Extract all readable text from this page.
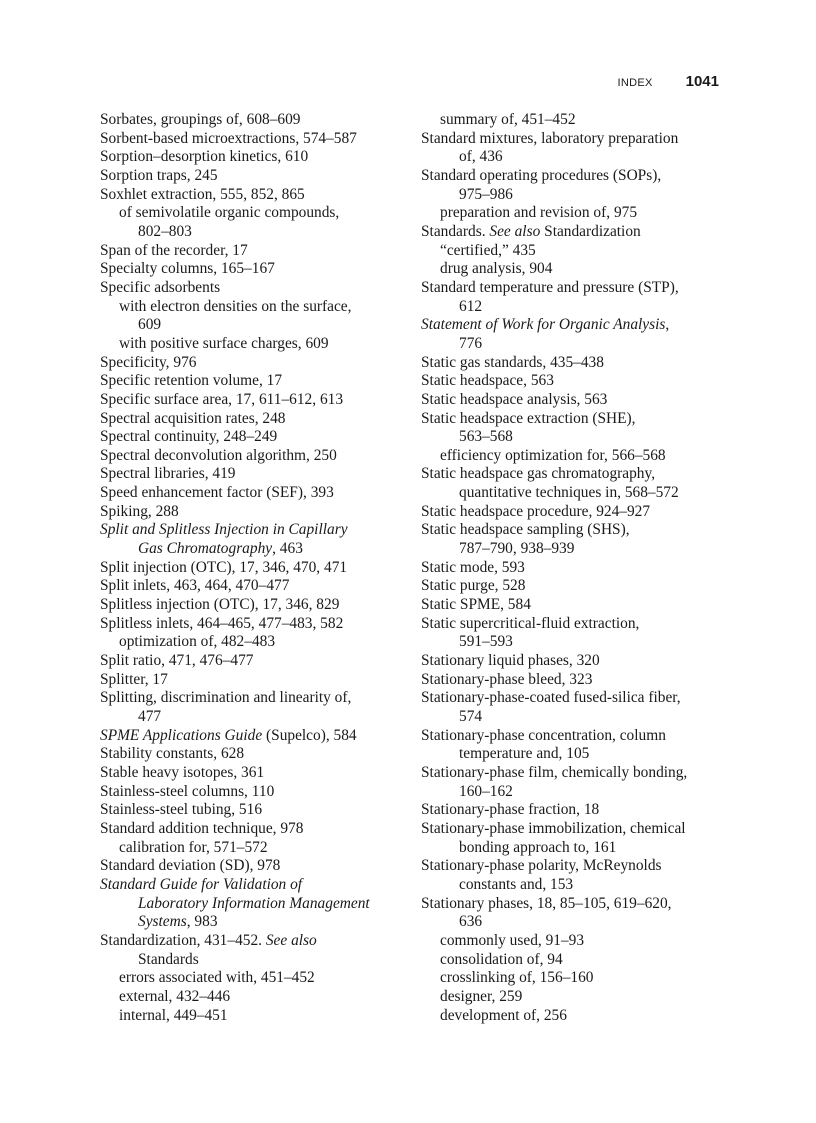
INDEX 1041
Sorbates, groupings of, 608–609
Sorbent-based microextractions, 574–587
Sorption–desorption kinetics, 610
Sorption traps, 245
Soxhlet extraction, 555, 852, 865
of semivolatile organic compounds,
802–803
Span of the recorder, 17
Specialty columns, 165–167
Specific adsorbents
with electron densities on the surface,
609
with positive surface charges, 609
Specificity, 976
Specific retention volume, 17
Specific surface area, 17, 611–612, 613
Spectral acquisition rates, 248
Spectral continuity, 248–249
Spectral deconvolution algorithm, 250
Spectral libraries, 419
Speed enhancement factor (SEF), 393
Spiking, 288
Split and Splitless Injection in Capillary
Gas Chromatography, 463
Split injection (OTC), 17, 346, 470, 471
Split inlets, 463, 464, 470–477
Splitless injection (OTC), 17, 346, 829
Splitless inlets, 464–465, 477–483, 582
optimization of, 482–483
Split ratio, 471, 476–477
Splitter, 17
Splitting, discrimination and linearity of,
477
SPME Applications Guide (Supelco), 584
Stability constants, 628
Stable heavy isotopes, 361
Stainless-steel columns, 110
Stainless-steel tubing, 516
Standard addition technique, 978
calibration for, 571–572
Standard deviation (SD), 978
Standard Guide for Validation of
Laboratory Information Management
Systems, 983
Standardization, 431–452. See also
Standards
errors associated with, 451–452
external, 432–446
internal, 449–451
summary of, 451–452
Standard mixtures, laboratory preparation
of, 436
Standard operating procedures (SOPs),
975–986
preparation and revision of, 975
Standards. See also Standardization
“certified,” 435
drug analysis, 904
Standard temperature and pressure (STP),
612
Statement of Work for Organic Analysis,
776
Static gas standards, 435–438
Static headspace, 563
Static headspace analysis, 563
Static headspace extraction (SHE),
563–568
efficiency optimization for, 566–568
Static headspace gas chromatography,
quantitative techniques in, 568–572
Static headspace procedure, 924–927
Static headspace sampling (SHS),
787–790, 938–939
Static mode, 593
Static purge, 528
Static SPME, 584
Static supercritical-fluid extraction,
591–593
Stationary liquid phases, 320
Stationary-phase bleed, 323
Stationary-phase-coated fused-silica fiber,
574
Stationary-phase concentration, column
temperature and, 105
Stationary-phase film, chemically bonding,
160–162
Stationary-phase fraction, 18
Stationary-phase immobilization, chemical
bonding approach to, 161
Stationary-phase polarity, McReynolds
constants and, 153
Stationary phases, 18, 85–105, 619–620,
636
commonly used, 91–93
consolidation of, 94
crosslinking of, 156–160
designer, 259
development of, 256
